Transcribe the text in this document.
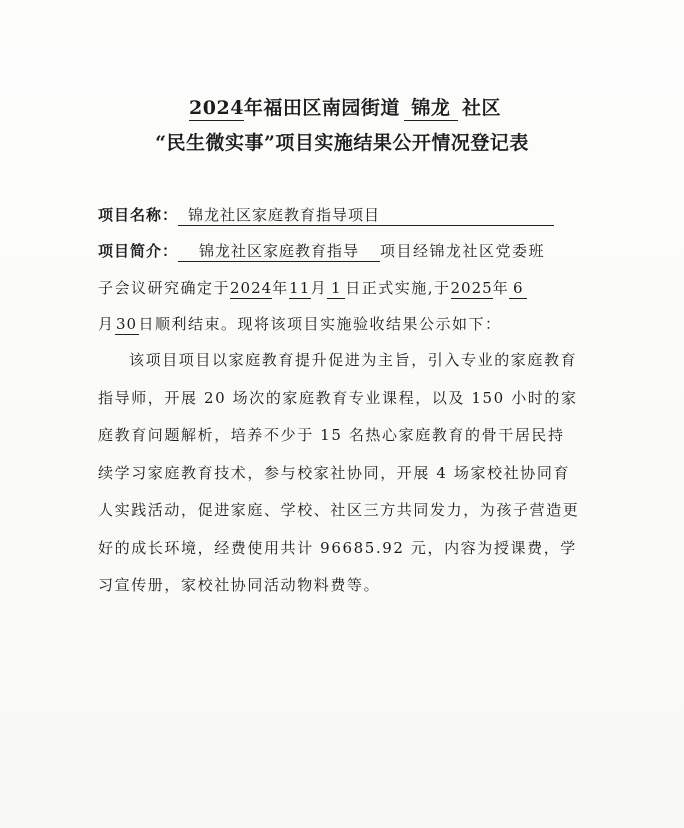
2024年福田区南园街道 锦龙 社区
“民生微实事”项目实施结果公开情况登记表
项目名称： 锦龙社区家庭教育指导项目
项目简介： 锦龙社区家庭教育指导 项目经锦龙社区党委班
子会议研究确定于2024年11月 1 日正式实施,于2025年 6
月30日顺利结束。现将该项目实施验收结果公示如下：
该项目项目以家庭教育提升促进为主旨，引入专业的家庭教育指导师，开展 20 场次的家庭教育专业课程，以及 150 小时的家庭教育问题解析，培养不少于 15 名热心家庭教育的骨干居民持续学习家庭教育技术，参与校家社协同，开展 4 场家校社协同育人实践活动，促进家庭、学校、社区三方共同发力，为孩子营造更好的成长环境，经费使用共计 96685.92 元，内容为授课费，学习宣传册，家校社协同活动物料费等。
